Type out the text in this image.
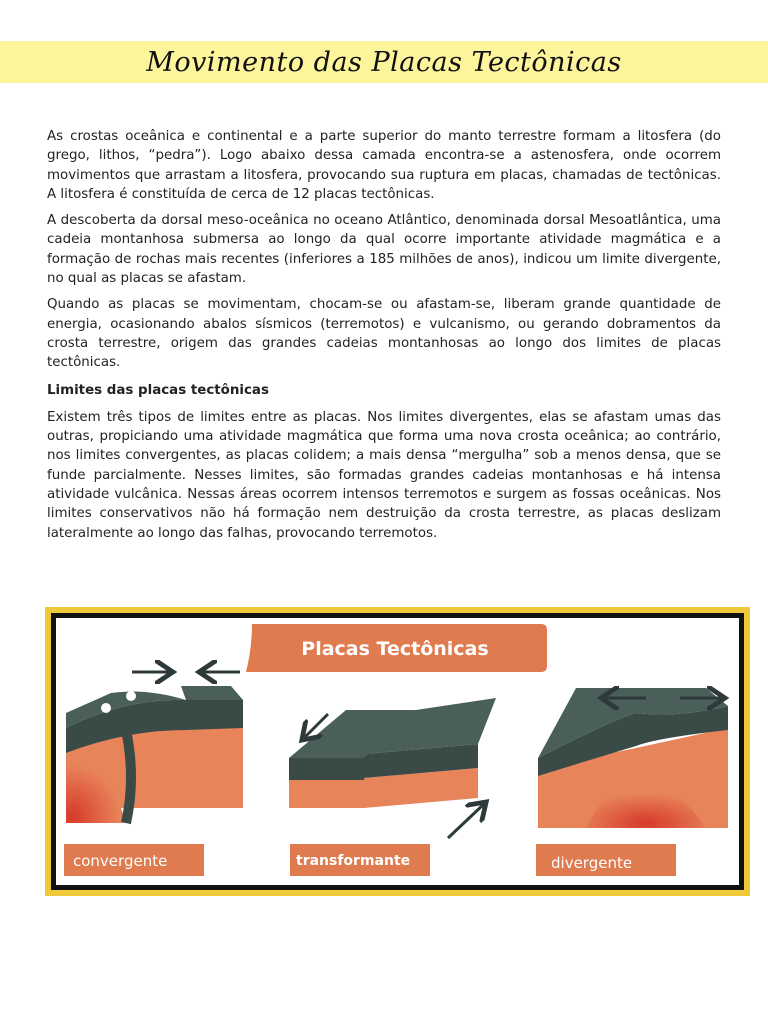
Movimento das Placas Tectônicas

As crostas oceânica e continental e a parte superior do manto terrestre formam a litosfera (do grego, lithos, “pedra”). Logo abaixo dessa camada encontra-se a astenosfera, onde ocorrem movimentos que arrastam a litosfera, provocando sua ruptura em placas, chamadas de tectônicas. A litosfera é constituída de cerca de 12 placas tectônicas.

A descoberta da dorsal meso-oceânica no oceano Atlântico, denominada dorsal Mesoatlântica, uma cadeia montanhosa submersa ao longo da qual ocorre importante atividade magmática e a formação de rochas mais recentes (inferiores a 185 milhões de anos), indicou um limite divergente, no qual as placas se afastam.

Quando as placas se movimentam, chocam-se ou afastam-se, liberam grande quantidade de energia, ocasionando abalos sísmicos (terremotos) e vulcanismo, ou gerando dobramentos da crosta terrestre, origem das grandes cadeias montanhosas ao longo dos limites de placas tectônicas.

Limites das placas tectônicas

Existem três tipos de limites entre as placas. Nos limites divergentes, elas se afastam umas das outras, propiciando uma atividade magmática que forma uma nova crosta oceânica; ao contrário, nos limites convergentes, as placas colidem; a mais densa “mergulha” sob a menos densa, que se funde parcialmente. Nesses limites, são formadas grandes cadeias montanhosas e há intensa atividade vulcânica. Nessas áreas ocorrem intensos terremotos e surgem as fossas oceânicas. Nos limites conservativos não há formação nem destruição da crosta terrestre, as placas deslizam lateralmente ao longo das falhas, provocando terremotos.

Placas Tectônicas
convergente	transformante	divergente
